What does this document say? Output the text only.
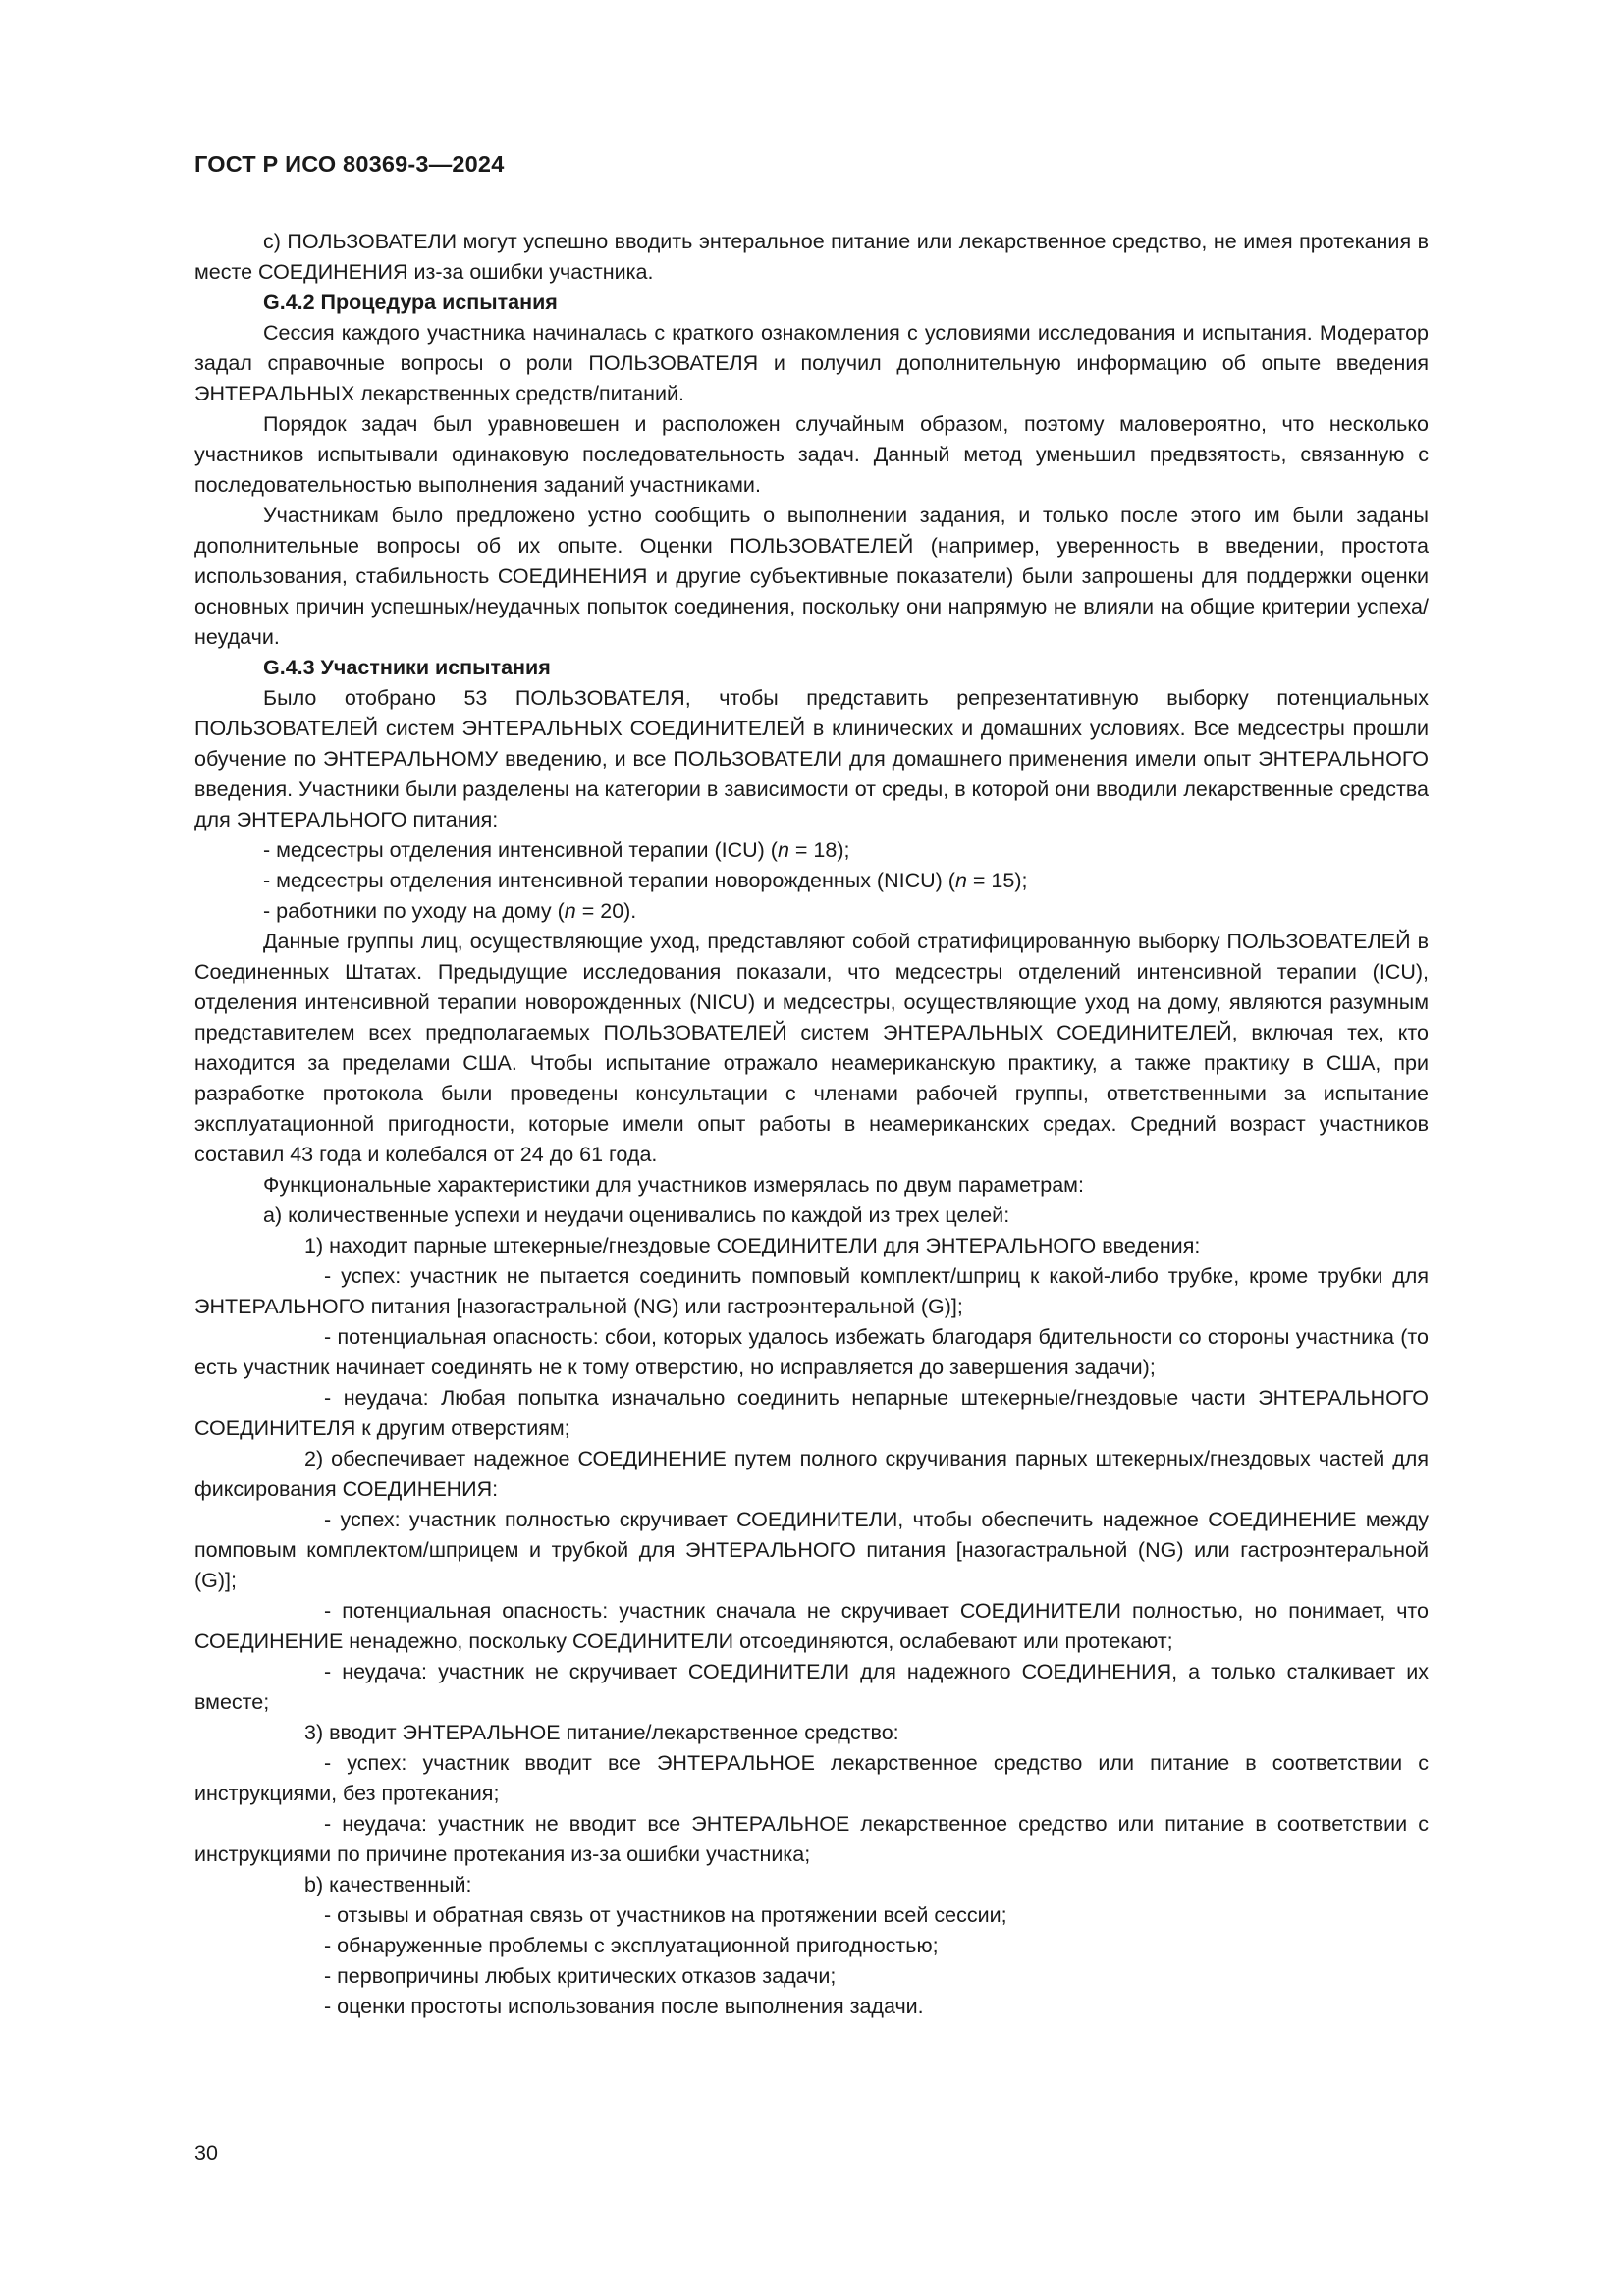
ГОСТ Р ИСО 80369-3—2024

c) ПОЛЬЗОВАТЕЛИ могут успешно вводить энтеральное питание или лекарственное средство, не имея протекания в месте СОЕДИНЕНИЯ из-за ошибки участника.

G.4.2 Процедура испытания

Сессия каждого участника начиналась с краткого ознакомления с условиями исследования и испытания. Модератор задал справочные вопросы о роли ПОЛЬЗОВАТЕЛЯ и получил дополнительную информацию об опыте введения ЭНТЕРАЛЬНЫХ лекарственных средств/питаний.

Порядок задач был уравновешен и расположен случайным образом, поэтому маловероятно, что несколько участников испытывали одинаковую последовательность задач. Данный метод уменьшил предвзятость, связанную с последовательностью выполнения заданий участниками.

Участникам было предложено устно сообщить о выполнении задания, и только после этого им были заданы дополнительные вопросы об их опыте. Оценки ПОЛЬЗОВАТЕЛЕЙ (например, уверенность в введении, простота использования, стабильность СОЕДИНЕНИЯ и другие субъективные показатели) были запрошены для поддержки оценки основных причин успешных/неудачных попыток соединения, поскольку они напрямую не влияли на общие критерии успеха/неудачи.

G.4.3 Участники испытания

Было отобрано 53 ПОЛЬЗОВАТЕЛЯ, чтобы представить репрезентативную выборку потенциальных ПОЛЬЗОВАТЕЛЕЙ систем ЭНТЕРАЛЬНЫХ СОЕДИНИТЕЛЕЙ в клинических и домашних условиях. Все медсестры прошли обучение по ЭНТЕРАЛЬНОМУ введению, и все ПОЛЬЗОВАТЕЛИ для домашнего применения имели опыт ЭНТЕРАЛЬНОГО введения. Участники были разделены на категории в зависимости от среды, в которой они вводили лекарственные средства для ЭНТЕРАЛЬНОГО питания:

- медсестры отделения интенсивной терапии (ICU) (n = 18);

- медсестры отделения интенсивной терапии новорожденных (NICU) (n = 15);

- работники по уходу на дому (n = 20).

Данные группы лиц, осуществляющие уход, представляют собой стратифицированную выборку ПОЛЬЗОВАТЕЛЕЙ в Соединенных Штатах. Предыдущие исследования показали, что медсестры отделений интенсивной терапии (ICU), отделения интенсивной терапии новорожденных (NICU) и медсестры, осуществляющие уход на дому, являются разумным представителем всех предполагаемых ПОЛЬЗОВАТЕЛЕЙ систем ЭНТЕРАЛЬНЫХ СОЕДИНИТЕЛЕЙ, включая тех, кто находится за пределами США. Чтобы испытание отражало неамериканскую практику, а также практику в США, при разработке протокола были проведены консультации с членами рабочей группы, ответственными за испытание эксплуатационной пригодности, которые имели опыт работы в неамериканских средах. Средний возраст участников составил 43 года и колебался от 24 до 61 года.

Функциональные характеристики для участников измерялась по двум параметрам:

a) количественные успехи и неудачи оценивались по каждой из трех целей:

1) находит парные штекерные/гнездовые СОЕДИНИТЕЛИ для ЭНТЕРАЛЬНОГО введения:

- успех: участник не пытается соединить помповый комплект/шприц к какой-либо трубке, кроме трубки для ЭНТЕРАЛЬНОГО питания [назогастральной (NG) или гастроэнтеральной (G)];

- потенциальная опасность: сбои, которых удалось избежать благодаря бдительности со стороны участника (то есть участник начинает соединять не к тому отверстию, но исправляется до завершения задачи);

- неудача: Любая попытка изначально соединить непарные штекерные/гнездовые части ЭНТЕРАЛЬНОГО СОЕДИНИТЕЛЯ к другим отверстиям;

2) обеспечивает надежное СОЕДИНЕНИЕ путем полного скручивания парных штекерных/гнездовых частей для фиксирования СОЕДИНЕНИЯ:

- успех: участник полностью скручивает СОЕДИНИТЕЛИ, чтобы обеспечить надежное СОЕДИНЕНИЕ между помповым комплектом/шприцем и трубкой для ЭНТЕРАЛЬНОГО питания [назогастральной (NG) или гастроэнтеральной (G)];

- потенциальная опасность: участник сначала не скручивает СОЕДИНИТЕЛИ полностью, но понимает, что СОЕДИНЕНИЕ ненадежно, поскольку СОЕДИНИТЕЛИ отсоединяются, ослабевают или протекают;

- неудача: участник не скручивает СОЕДИНИТЕЛИ для надежного СОЕДИНЕНИЯ, а только сталкивает их вместе;

3) вводит ЭНТЕРАЛЬНОЕ питание/лекарственное средство:

- успех: участник вводит все ЭНТЕРАЛЬНОЕ лекарственное средство или питание в соответствии с инструкциями, без протекания;

- неудача: участник не вводит все ЭНТЕРАЛЬНОЕ лекарственное средство или питание в соответствии с инструкциями по причине протекания из-за ошибки участника;

b) качественный:

- отзывы и обратная связь от участников на протяжении всей сессии;

- обнаруженные проблемы с эксплуатационной пригодностью;

- первопричины любых критических отказов задачи;

- оценки простоты использования после выполнения задачи.

30
